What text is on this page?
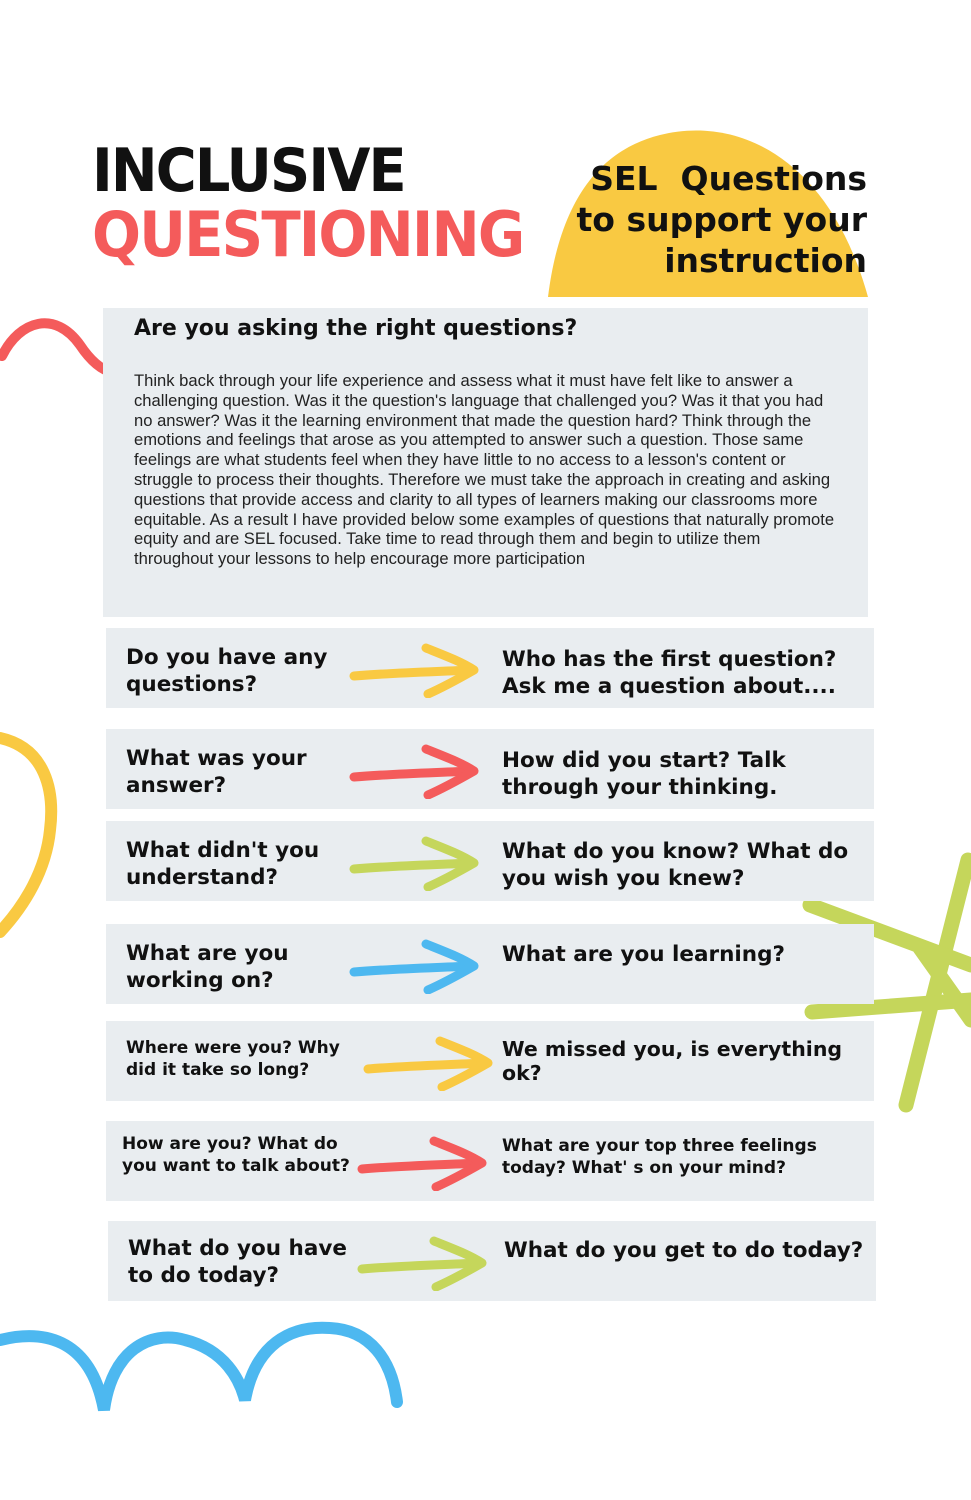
INCLUSIVE
QUESTIONING
SEL  Questions
to support your
instruction
Are you asking the right questions?
Think back through your life experience and assess what it must have felt like to answer a challenging question. Was it the question's language that challenged you? Was it that you had no answer? Was it the learning environment that made the question hard? Think through the emotions and feelings that arose as you attempted to answer such a question. Those same feelings are what students feel when they have little to no access to a lesson's content or struggle to process their thoughts. Therefore we must take the approach in creating and asking questions that provide access and clarity to all types of learners making our classrooms more equitable. As a result I have provided below some examples of questions that naturally promote equity and are SEL focused. Take time to read through them and begin to utilize them throughout your lessons to help encourage more participation
Do you have any questions?
Who has the first question? Ask me a question about....
What was your answer?
How did you start? Talk through your thinking.
What didn't you understand?
What do you know? What do you wish you knew?
What are you working on?
What are you learning?
Where were you? Why did it take so long?
We missed you, is everything ok?
How are you? What do you want to talk about?
What are your top three feelings today? What' s on your mind?
What do you have to do today?
What do you get to do today?
